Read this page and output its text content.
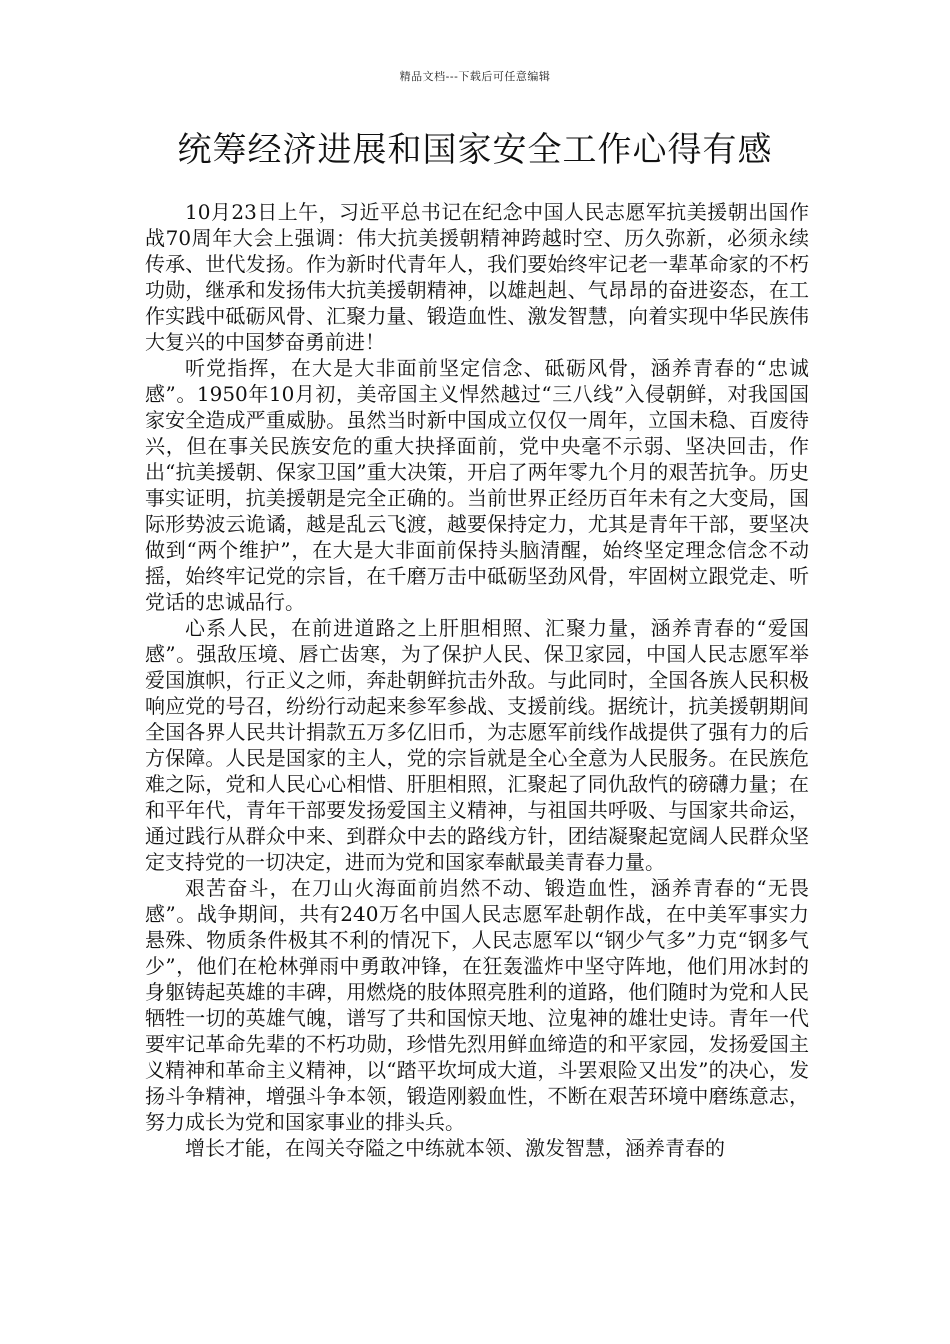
精品文档---下载后可任意编辑
统筹经济进展和国家安全工作心得有感

10月23日上午，习近平总书记在纪念中国人民志愿军抗美援朝出国作战70周年大会上强调：伟大抗美援朝精神跨越时空、历久弥新，必须永续传承、世代发扬。作为新时代青年人，我们要始终牢记老一辈革命家的不朽功勋，继承和发扬伟大抗美援朝精神，以雄赳赳、气昂昂的奋进姿态，在工作实践中砥砺风骨、汇聚力量、锻造血性、激发智慧，向着实现中华民族伟大复兴的中国梦奋勇前进！

听党指挥，在大是大非面前坚定信念、砥砺风骨，涵养青春的“忠诚感”。1950年10月初，美帝国主义悍然越过“三八线”入侵朝鲜，对我国国家安全造成严重威胁。虽然当时新中国成立仅仅一周年，立国未稳、百废待兴，但在事关民族安危的重大抉择面前，党中央毫不示弱、坚决回击，作出“抗美援朝、保家卫国”重大决策，开启了两年零九个月的艰苦抗争。历史事实证明，抗美援朝是完全正确的。当前世界正经历百年未有之大变局，国际形势波云诡谲，越是乱云飞渡，越要保持定力，尤其是青年干部，要坚决做到“两个维护”，在大是大非面前保持头脑清醒，始终坚定理念信念不动摇，始终牢记党的宗旨，在千磨万击中砥砺坚劲风骨，牢固树立跟党走、听党话的忠诚品行。

心系人民，在前进道路之上肝胆相照、汇聚力量，涵养青春的“爱国感”。强敌压境、唇亡齿寒，为了保护人民、保卫家园，中国人民志愿军举爱国旗帜，行正义之师，奔赴朝鲜抗击外敌。与此同时，全国各族人民积极响应党的号召，纷纷行动起来参军参战、支援前线。据统计，抗美援朝期间全国各界人民共计捐款五万多亿旧币，为志愿军前线作战提供了强有力的后方保障。人民是国家的主人，党的宗旨就是全心全意为人民服务。在民族危难之际，党和人民心心相惜、肝胆相照，汇聚起了同仇敌忾的磅礴力量；在和平年代，青年干部要发扬爱国主义精神，与祖国共呼吸、与国家共命运，通过践行从群众中来、到群众中去的路线方针，团结凝聚起宽阔人民群众坚定支持党的一切决定，进而为党和国家奉献最美青春力量。

艰苦奋斗，在刀山火海面前岿然不动、锻造血性，涵养青春的“无畏感”。战争期间，共有240万名中国人民志愿军赴朝作战，在中美军事实力悬殊、物质条件极其不利的情况下，人民志愿军以“钢少气多”力克“钢多气少”，他们在枪林弹雨中勇敢冲锋，在狂轰滥炸中坚守阵地，他们用冰封的身躯铸起英雄的丰碑，用燃烧的肢体照亮胜利的道路，他们随时为党和人民牺牲一切的英雄气魄，谱写了共和国惊天地、泣鬼神的雄壮史诗。青年一代要牢记革命先辈的不朽功勋，珍惜先烈用鲜血缔造的和平家园，发扬爱国主义精神和革命主义精神，以“踏平坎坷成大道，斗罢艰险又出发”的决心，发扬斗争精神，增强斗争本领，锻造刚毅血性，不断在艰苦环境中磨练意志，努力成长为党和国家事业的排头兵。

增长才能，在闯关夺隘之中练就本领、激发智慧，涵养青春的
